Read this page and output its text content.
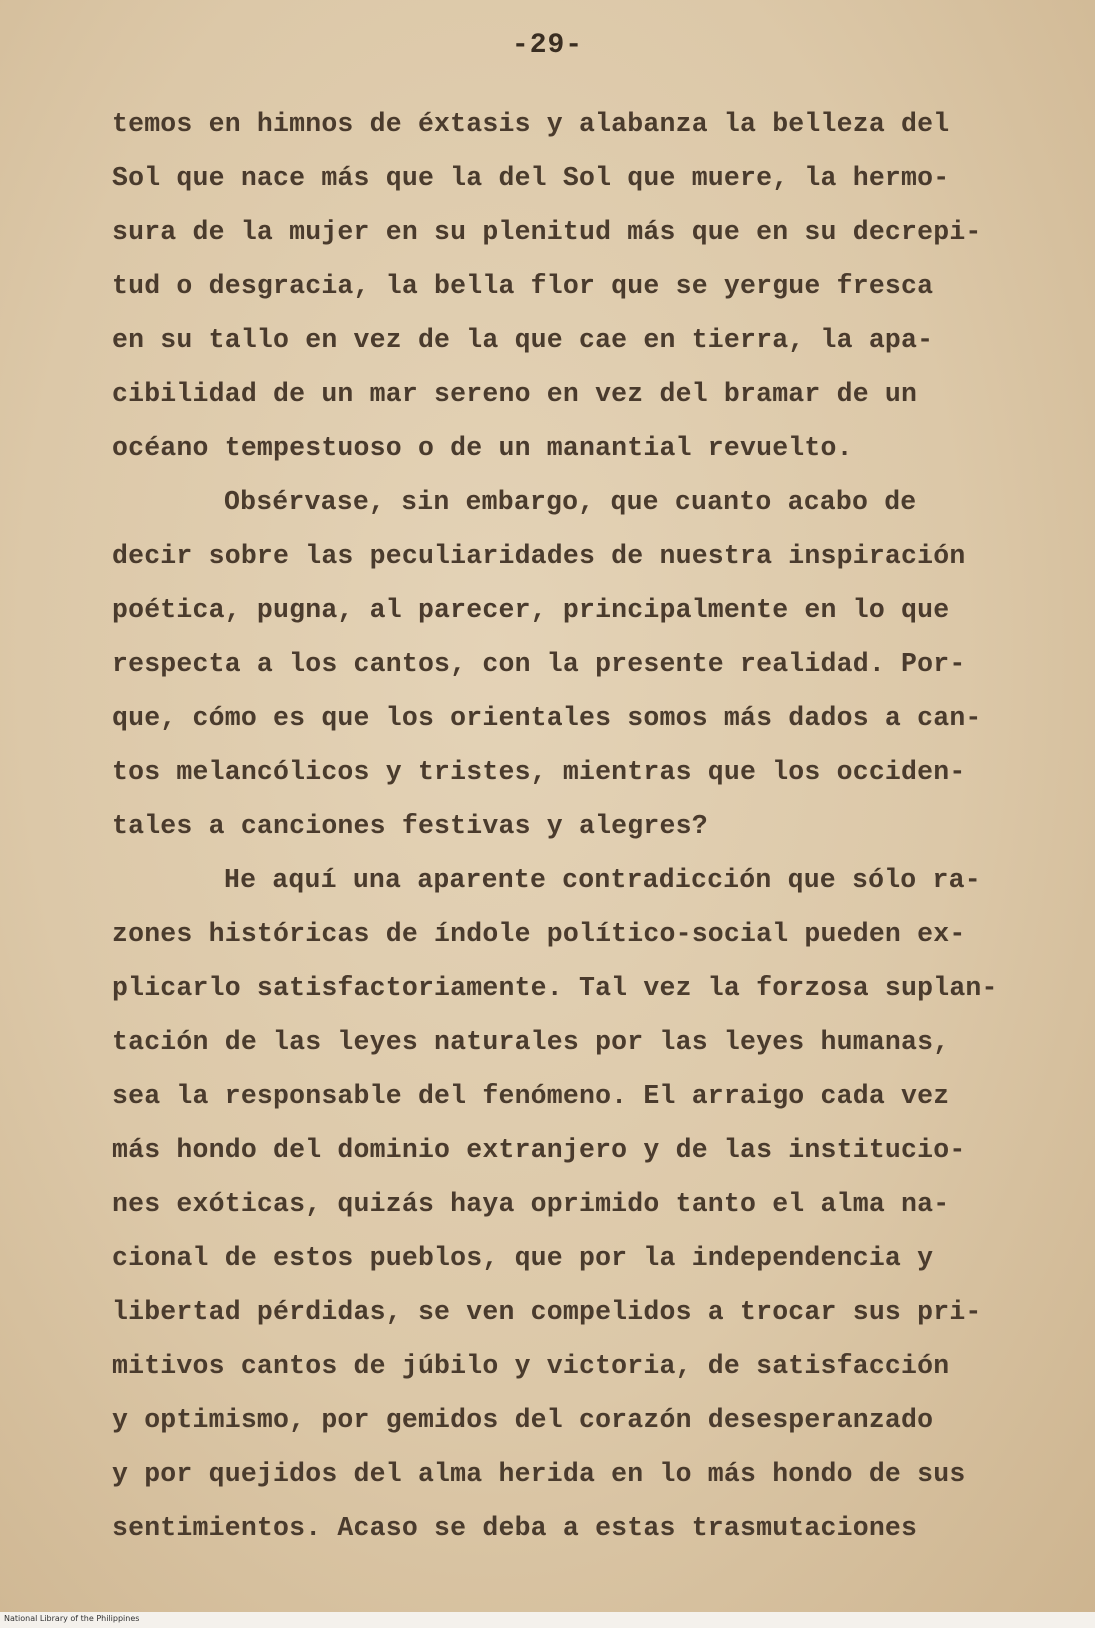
-29-
temos en himnos de éxtasis y alabanza la belleza del
Sol que nace más que la del Sol que muere, la hermo-
sura de la mujer en su plenitud más que en su decrepi-
tud o desgracia, la bella flor que se yergue fresca
en su tallo en vez de la que cae en tierra, la apa-
cibilidad de un mar sereno en vez del bramar de un
océano tempestuoso o de un manantial revuelto.
Obsérvase, sin embargo, que cuanto acabo de
decir sobre las peculiaridades de nuestra inspiración
poética, pugna, al parecer, principalmente en lo que
respecta a los cantos, con la presente realidad. Por-
que, cómo es que los orientales somos más dados a can-
tos melancólicos y tristes, mientras que los occiden-
tales a canciones festivas y alegres?
He aquí una aparente contradicción que sólo ra-
zones históricas de índole político-social pueden ex-
plicarlo satisfactoriamente. Tal vez la forzosa suplan-
tación de las leyes naturales por las leyes humanas,
sea la responsable del fenómeno. El arraigo cada vez
más hondo del dominio extranjero y de las institucio-
nes exóticas, quizás haya oprimido tanto el alma na-
cional de estos pueblos, que por la independencia y
libertad pérdidas, se ven compelidos a trocar sus pri-
mitivos cantos de júbilo y victoria, de satisfacción
y optimismo, por gemidos del corazón desesperanzado
y por quejidos del alma herida en lo más hondo de sus
sentimientos. Acaso se deba a estas trasmutaciones
National Library of the Philippines
